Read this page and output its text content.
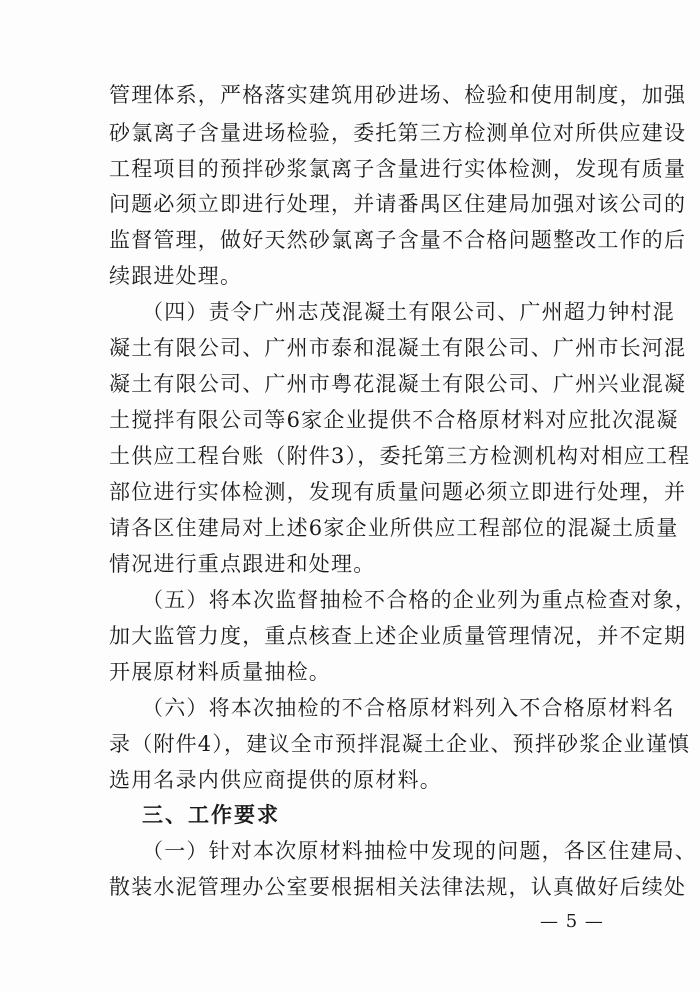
管理体系，严格落实建筑用砂进场、检验和使用制度，加强

砂氯离子含量进场检验，委托第三方检测单位对所供应建设

工程项目的预拌砂浆氯离子含量进行实体检测，发现有质量

问题必须立即进行处理，并请番禺区住建局加强对该公司的

监督管理，做好天然砂氯离子含量不合格问题整改工作的后

续跟进处理。

（四）责令广州志茂混凝土有限公司、广州超力钟村混

凝土有限公司、广州市泰和混凝土有限公司、广州市长河混

凝土有限公司、广州市粤花混凝土有限公司、广州兴业混凝

土搅拌有限公司等6家企业提供不合格原材料对应批次混凝

土供应工程台账（附件3），委托第三方检测机构对相应工程

部位进行实体检测，发现有质量问题必须立即进行处理，并

请各区住建局对上述6家企业所供应工程部位的混凝土质量

情况进行重点跟进和处理。

（五）将本次监督抽检不合格的企业列为重点检查对象，

加大监管力度，重点核查上述企业质量管理情况，并不定期

开展原材料质量抽检。

（六）将本次抽检的不合格原材料列入不合格原材料名

录（附件4），建议全市预拌混凝土企业、预拌砂浆企业谨慎

选用名录内供应商提供的原材料。

三、工作要求

（一）针对本次原材料抽检中发现的问题，各区住建局、

散装水泥管理办公室要根据相关法律法规，认真做好后续处

— 5 —
